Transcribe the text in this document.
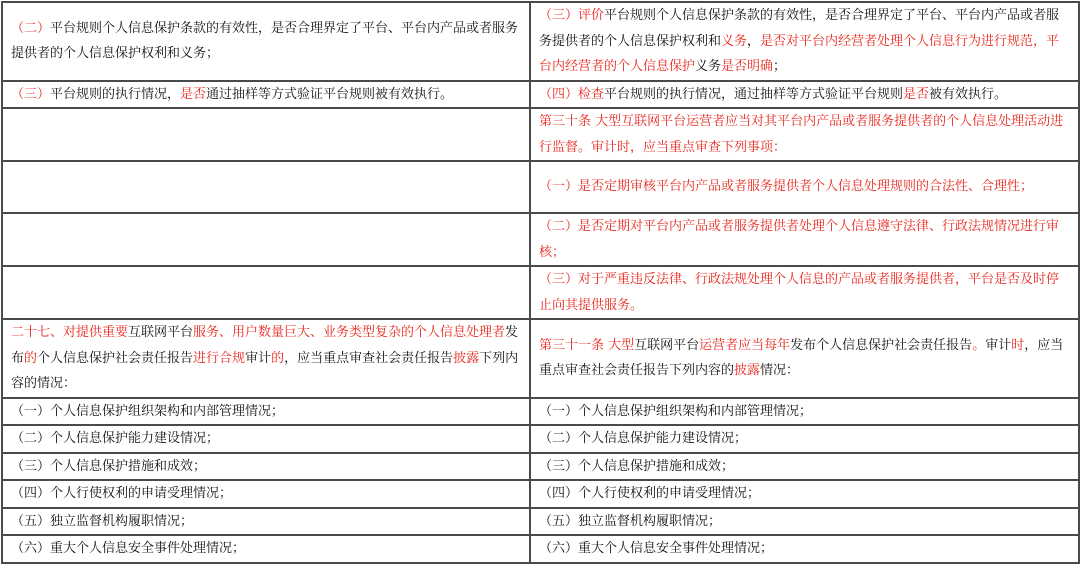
（二）平台规则个人信息保护条款的有效性，是否合理界定了平台、平台内产品或者服务提供者的个人信息保护权利和义务；	（三）评价平台规则个人信息保护条款的有效性，是否合理界定了平台、平台内产品或者服务提供者的个人信息保护权利和义务，是否对平台内经营者处理个人信息行为进行规范，平台内经营者的个人信息保护义务是否明确；
（三）平台规则的执行情况，是否通过抽样等方式验证平台规则被有效执行。	（四）检查平台规则的执行情况，通过抽样等方式验证平台规则是否被有效执行。
	第三十条 大型互联网平台运营者应当对其平台内产品或者服务提供者的个人信息处理活动进行监督。审计时，应当重点审查下列事项：
	（一）是否定期审核平台内产品或者服务提供者个人信息处理规则的合法性、合理性；
	（二）是否定期对平台内产品或者服务提供者处理个人信息遵守法律、行政法规情况进行审核；
	（三）对于严重违反法律、行政法规处理个人信息的产品或者服务提供者，平台是否及时停止向其提供服务。
二十七、对提供重要互联网平台服务、用户数量巨大、业务类型复杂的个人信息处理者发布的个人信息保护社会责任报告进行合规审计的，应当重点审查社会责任报告披露下列内容的情况：	第三十一条 大型互联网平台运营者应当每年发布个人信息保护社会责任报告。审计时，应当重点审查社会责任报告下列内容的披露情况：
（一）个人信息保护组织架构和内部管理情况；	（一）个人信息保护组织架构和内部管理情况；
（二）个人信息保护能力建设情况；	（二）个人信息保护能力建设情况；
（三）个人信息保护措施和成效；	（三）个人信息保护措施和成效；
（四）个人行使权利的申请受理情况；	（四）个人行使权利的申请受理情况；
（五）独立监督机构履职情况；	（五）独立监督机构履职情况；
（六）重大个人信息安全事件处理情况；	（六）重大个人信息安全事件处理情况；
